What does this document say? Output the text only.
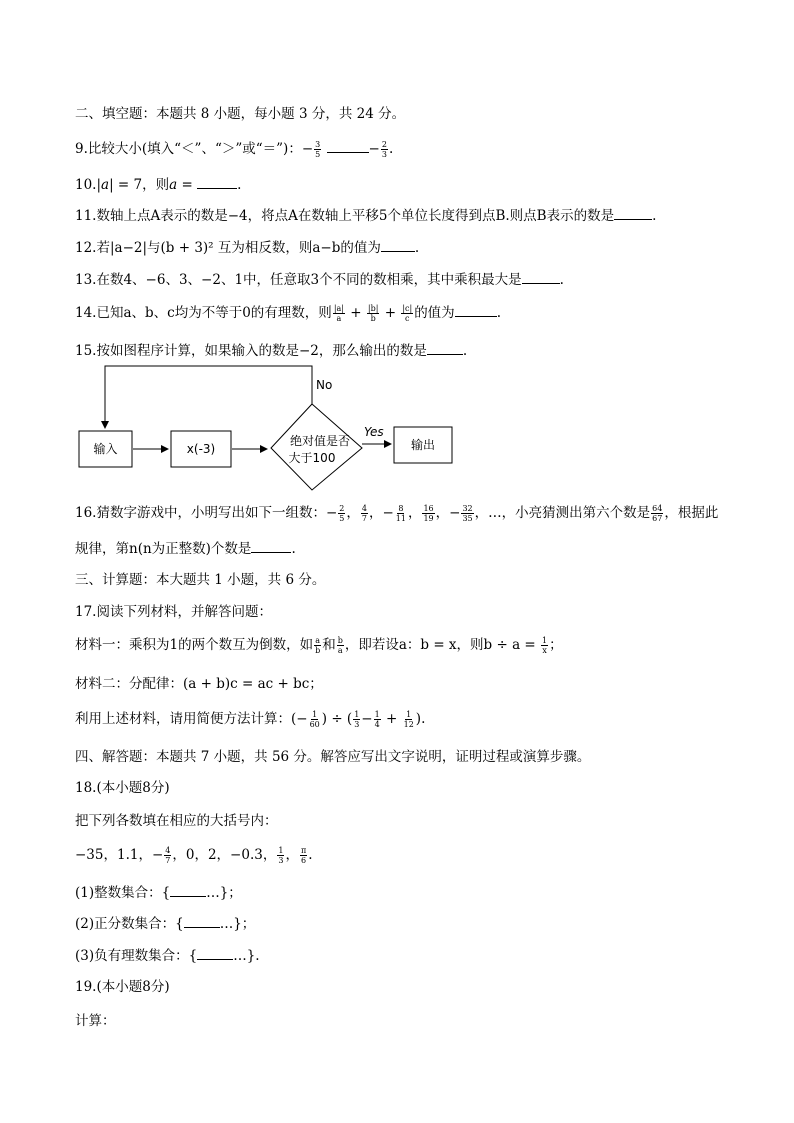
二、填空题：本题共 8 小题，每小题 3 分，共 24 分。
9.比较大小(填入“＜”、“＞”或“＝”)：− $\frac{3}{5}$	− $\frac{2}{3}$ .
10.|a| = 7，则a =	.
11.数轴上点A表示的数是−4，将点A在数轴上平移5个单位长度得到点B.则点B表示的数是	.
12.若|a−2|与(b + 3)² 互为相反数，则a−b的值为	.
13.在数4、−6、3、−2、1中，任意取3个不同的数相乘，其中乘积最大是	.
14.已知a、b、c均为不等于0的有理数，则 $\frac{|a|}{a} + \frac{|b|}{b} + \frac{|c|}{c}$ 的值为	.
15.按如图程序计算，如果输入的数是−2，那么输出的数是	.
No
输入	x(-3)
绝对值是否
大于100
Yes
输出
16.猜数字游戏中，小明写出如下一组数：− $\frac{2}{5}$ ， $\frac{4}{7}$ ，− $\frac{8}{11}$ ， $\frac{16}{19}$ ，− $\frac{32}{35}$ ，…，小亮猜测出第六个数是 $\frac{64}{67}$ ，根据此
规律，第n(n为正整数)个数是	.
三、计算题：本大题共 1 小题，共 6 分。
17.阅读下列材料，并解答问题：
材料一：乘积为1的两个数互为倒数，如 $\frac{a}{b}$ 和 $\frac{b}{a}$ ，即若设a：b = x，则$b \div a = \frac{1}{x}$ ；
材料二：分配律：(a + b)c = ac + bc；
利用上述材料，请用简便方法计算：(− $\frac{1}{60}$ ) ÷ ( $\frac{1}{3} - \frac{1}{4} + \frac{1}{12}$ ).
四、解答题：本题共 7 小题，共 56 分。解答应写出文字说明，证明过程或演算步骤。
18.(本小题8分)
把下列各数填在相应的大括号内：
−35，1.1，− $\frac{4}{7}$ ，0，2，−0.3， $\frac{1}{3}$ ， $\frac{\pi}{6}$ .
(1)整数集合：{	…}；
(2)正分数集合：{	…}；
(3)负有理数集合：{	…}.
19.(本小题8分)
计算：
